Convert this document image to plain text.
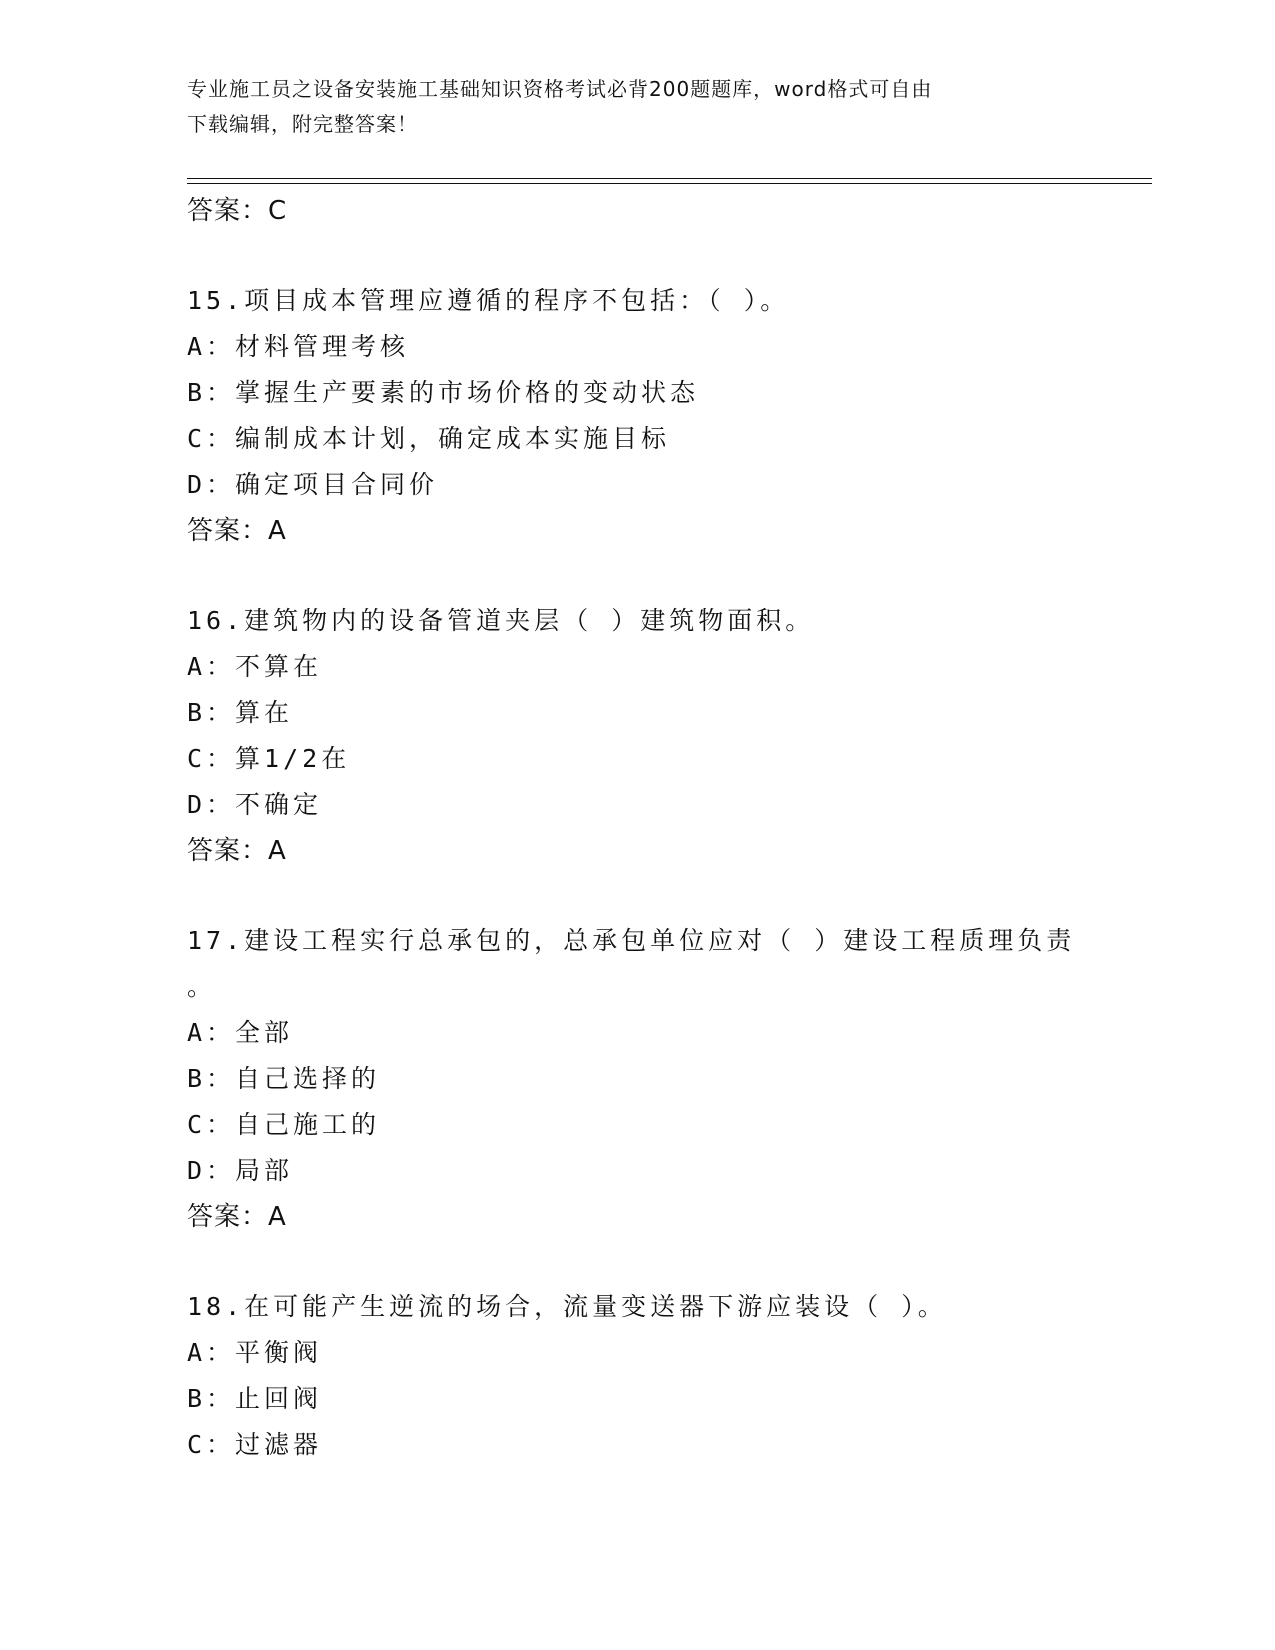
专业施工员之设备安装施工基础知识资格考试必背200题题库，word格式可自由
下载编辑，附完整答案！
答案：C
15.项目成本管理应遵循的程序不包括：（ ）。
A：材料管理考核
B：掌握生产要素的市场价格的变动状态
C：编制成本计划，确定成本实施目标
D：确定项目合同价
答案：A
16.建筑物内的设备管道夹层（ ）建筑物面积。
A：不算在
B：算在
C：算1/2在
D：不确定
答案：A
17.建设工程实行总承包的，总承包单位应对（ ）建设工程质理负责
。
A：全部
B：自己选择的
C：自己施工的
D：局部
答案：A
18.在可能产生逆流的场合，流量变送器下游应装设（ ）。
A：平衡阀
B：止回阀
C：过滤器
